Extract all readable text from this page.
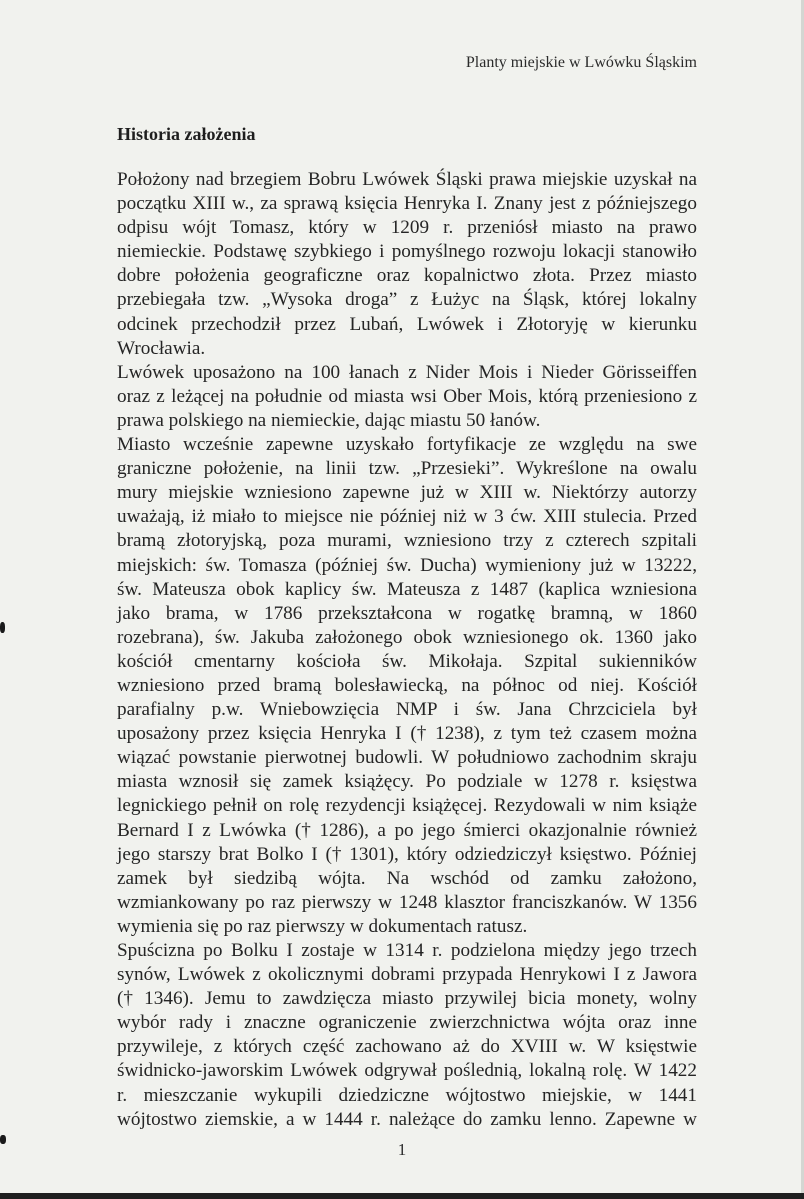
Planty miejskie w Lwówku Śląskim
Historia założenia
Położony nad brzegiem Bobru Lwówek Śląski prawa miejskie uzyskał na
początku XIII w., za sprawą księcia Henryka I. Znany jest z późniejszego
odpisu wójt Tomasz, który w 1209 r. przeniósł miasto na prawo
niemieckie. Podstawę szybkiego i pomyślnego rozwoju lokacji stanowiło
dobre położenia geograficzne oraz kopalnictwo złota. Przez miasto
przebiegała tzw. „Wysoka droga” z Łużyc na Śląsk, której lokalny
odcinek przechodził przez Lubań, Lwówek i Złotoryję w kierunku
Wrocławia.
Lwówek uposażono na 100 łanach z Nider Mois i Nieder Görisseiffen
oraz z leżącej na południe od miasta wsi Ober Mois, którą przeniesiono z
prawa polskiego na niemieckie, dając miastu 50 łanów.
Miasto wcześnie zapewne uzyskało fortyfikacje ze względu na swe
graniczne położenie, na linii tzw. „Przesieki”. Wykreślone na owalu
mury miejskie wzniesiono zapewne już w XIII w. Niektórzy autorzy
uważają, iż miało to miejsce nie później niż w 3 ćw. XIII stulecia. Przed
bramą złotoryjską, poza murami, wzniesiono trzy z czterech szpitali
miejskich: św. Tomasza (później św. Ducha) wymieniony już w 13222,
św. Mateusza obok kaplicy św. Mateusza z 1487 (kaplica wzniesiona
jako brama, w 1786 przekształcona w rogatkę bramną, w 1860
rozebrana), św. Jakuba założonego obok wzniesionego ok. 1360 jako
kościół cmentarny kościoła św. Mikołaja. Szpital sukienników
wzniesiono przed bramą bolesławiecką, na północ od niej. Kościół
parafialny p.w. Wniebowzięcia NMP i św. Jana Chrzciciela był
uposażony przez księcia Henryka I († 1238), z tym też czasem można
wiązać powstanie pierwotnej budowli. W południowo zachodnim skraju
miasta wznosił się zamek książęcy. Po podziale w 1278 r. księstwa
legnickiego pełnił on rolę rezydencji książęcej. Rezydowali w nim książe
Bernard I z Lwówka († 1286), a po jego śmierci okazjonalnie również
jego starszy brat Bolko I († 1301), który odziedziczył księstwo. Później
zamek był siedzibą wójta. Na wschód od zamku założono,
wzmiankowany po raz pierwszy w 1248 klasztor franciszkanów. W 1356
wymienia się po raz pierwszy w dokumentach ratusz.
Spuścizna po Bolku I zostaje w 1314 r. podzielona między jego trzech
synów, Lwówek z okolicznymi dobrami przypada Henrykowi I z Jawora
(† 1346). Jemu to zawdzięcza miasto przywilej bicia monety, wolny
wybór rady i znaczne ograniczenie zwierzchnictwa wójta oraz inne
przywileje, z których część zachowano aż do XVIII w. W księstwie
świdnicko-jaworskim Lwówek odgrywał poślednią, lokalną rolę. W 1422
r. mieszczanie wykupili dziedziczne wójtostwo miejskie, w 1441
wójtostwo ziemskie, a w 1444 r. należące do zamku lenno. Zapewne w
1
